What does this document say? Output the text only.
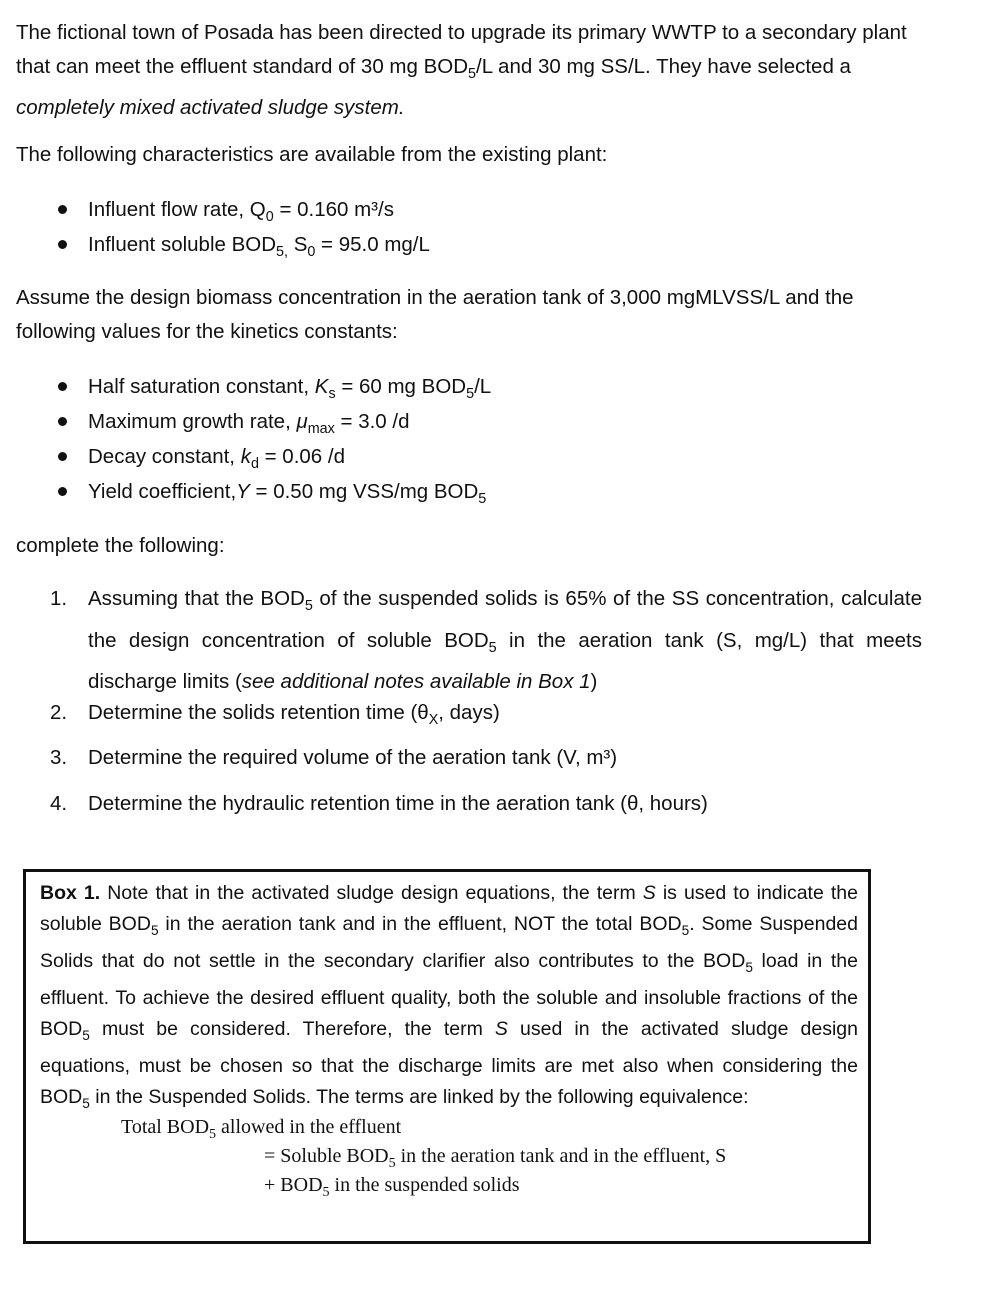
The fictional town of Posada has been directed to upgrade its primary WWTP to a secondary plant that can meet the effluent standard of 30 mg $BOD_5/L$ and 30 mg SS/L. They have selected a completely mixed activated sludge system.
The following characteristics are available from the existing plant:
Influent flow rate, $Q_0 = 0.160$ m³/s
Influent soluble $BOD_{5,}$ $S_0 = 95.0$ mg/L
Assume the design biomass concentration in the aeration tank of 3,000 mgMLVSS/L and the following values for the kinetics constants:
Half saturation constant, $K_s = 60$ mg $BOD_5/L$
Maximum growth rate, $\mu_{max} = 3.0$ /d
Decay constant, $k_d = 0.06$ /d
Yield coefficient,Y = 0.50 mg VSS/mg $BOD_5$
complete the following:
1. Assuming that the $BOD_5$ of the suspended solids is 65% of the SS concentration, calculate the design concentration of soluble $BOD_5$ in the aeration tank (S, mg/L) that meets discharge limits (see additional notes available in Box 1)
2. Determine the solids retention time ($\theta_X$, days)
3. Determine the required volume of the aeration tank (V, m³)
4. Determine the hydraulic retention time in the aeration tank (θ, hours)
Box 1. Note that in the activated sludge design equations, the term S is used to indicate the soluble $BOD_5$ in the aeration tank and in the effluent, NOT the total $BOD_5$. Some Suspended Solids that do not settle in the secondary clarifier also contributes to the $BOD_5$ load in the effluent. To achieve the desired effluent quality, both the soluble and insoluble fractions of the $BOD_5$ must be considered. Therefore, the term S used in the activated sludge design equations, must be chosen so that the discharge limits are met also when considering the $BOD_5$ in the Suspended Solids. The terms are linked by the following equivalence:
Total $BOD_5$ allowed in the effluent
= Soluble $BOD_5$ in the aeration tank and in the effluent, S
+ $BOD_5$ in the suspended solids
